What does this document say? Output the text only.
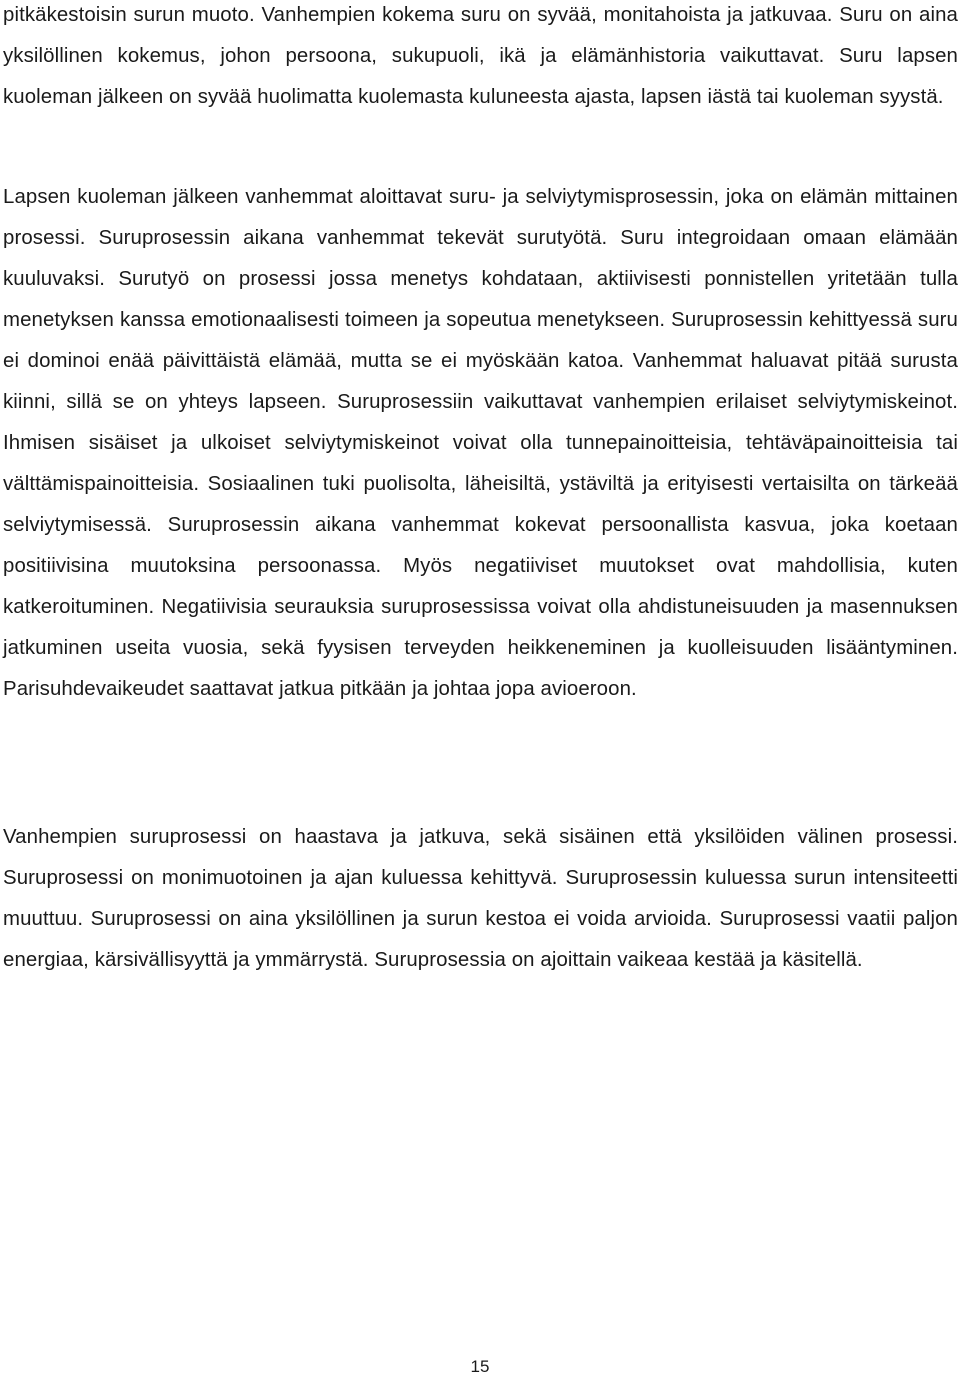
pitkäkestoisin surun muoto. Vanhempien kokema suru on syvää, monitahoista ja jatkuvaa. Suru on aina yksilöllinen kokemus, johon persoona, sukupuoli, ikä ja elämänhistoria vaikuttavat. Suru lapsen kuoleman jälkeen on syvää huolimatta kuolemasta kuluneesta ajasta, lapsen iästä tai kuoleman syystä.

Lapsen kuoleman jälkeen vanhemmat aloittavat suru- ja selviytymisprosessin, joka on elämän mittainen prosessi. Suruprosessin aikana vanhemmat tekevät surutyötä. Suru integroidaan omaan elämään kuuluvaksi. Surutyö on prosessi jossa menetys kohdataan, aktiivisesti ponnistellen yritetään tulla menetyksen kanssa emotionaalisesti toimeen ja sopeutua menetykseen. Suruprosessin kehittyessä suru ei dominoi enää päivittäistä elämää, mutta se ei myöskään katoa. Vanhemmat haluavat pitää surusta kiinni, sillä se on yhteys lapseen. Suruprosessiin vaikuttavat vanhempien erilaiset selviytymiskeinot. Ihmisen sisäiset ja ulkoiset selviytymiskeinot voivat olla tunnepainoitteisia, tehtäväpainoitteisia tai välttämispainoitteisia. Sosiaalinen tuki puolisolta, läheisiltä, ystäviltä ja erityisesti vertaisilta on tärkeää selviytymisessä. Suruprosessin aikana vanhemmat kokevat persoonallista kasvua, joka koetaan positiivisina muutoksina persoonassa. Myös negatiiviset muutokset ovat mahdollisia, kuten katkeroituminen. Negatiivisia seurauksia suruprosessissa voivat olla ahdistuneisuuden ja masennuksen jatkuminen useita vuosia, sekä fyysisen terveyden heikkeneminen ja kuolleisuuden lisääntyminen. Parisuhdevaikeudet saattavat jatkua pitkään ja johtaa jopa avioeroon.

Vanhempien suruprosessi on haastava ja jatkuva, sekä sisäinen että yksilöiden välinen prosessi. Suruprosessi on monimuotoinen ja ajan kuluessa kehittyvä. Suruprosessin kuluessa surun intensiteetti muuttuu. Suruprosessi on aina yksilöllinen ja surun kestoa ei voida arvioida. Suruprosessi vaatii paljon energiaa, kärsivällisyyttä ja ymmärrystä. Suruprosessia on ajoittain vaikeaa kestää ja käsitellä.

15
